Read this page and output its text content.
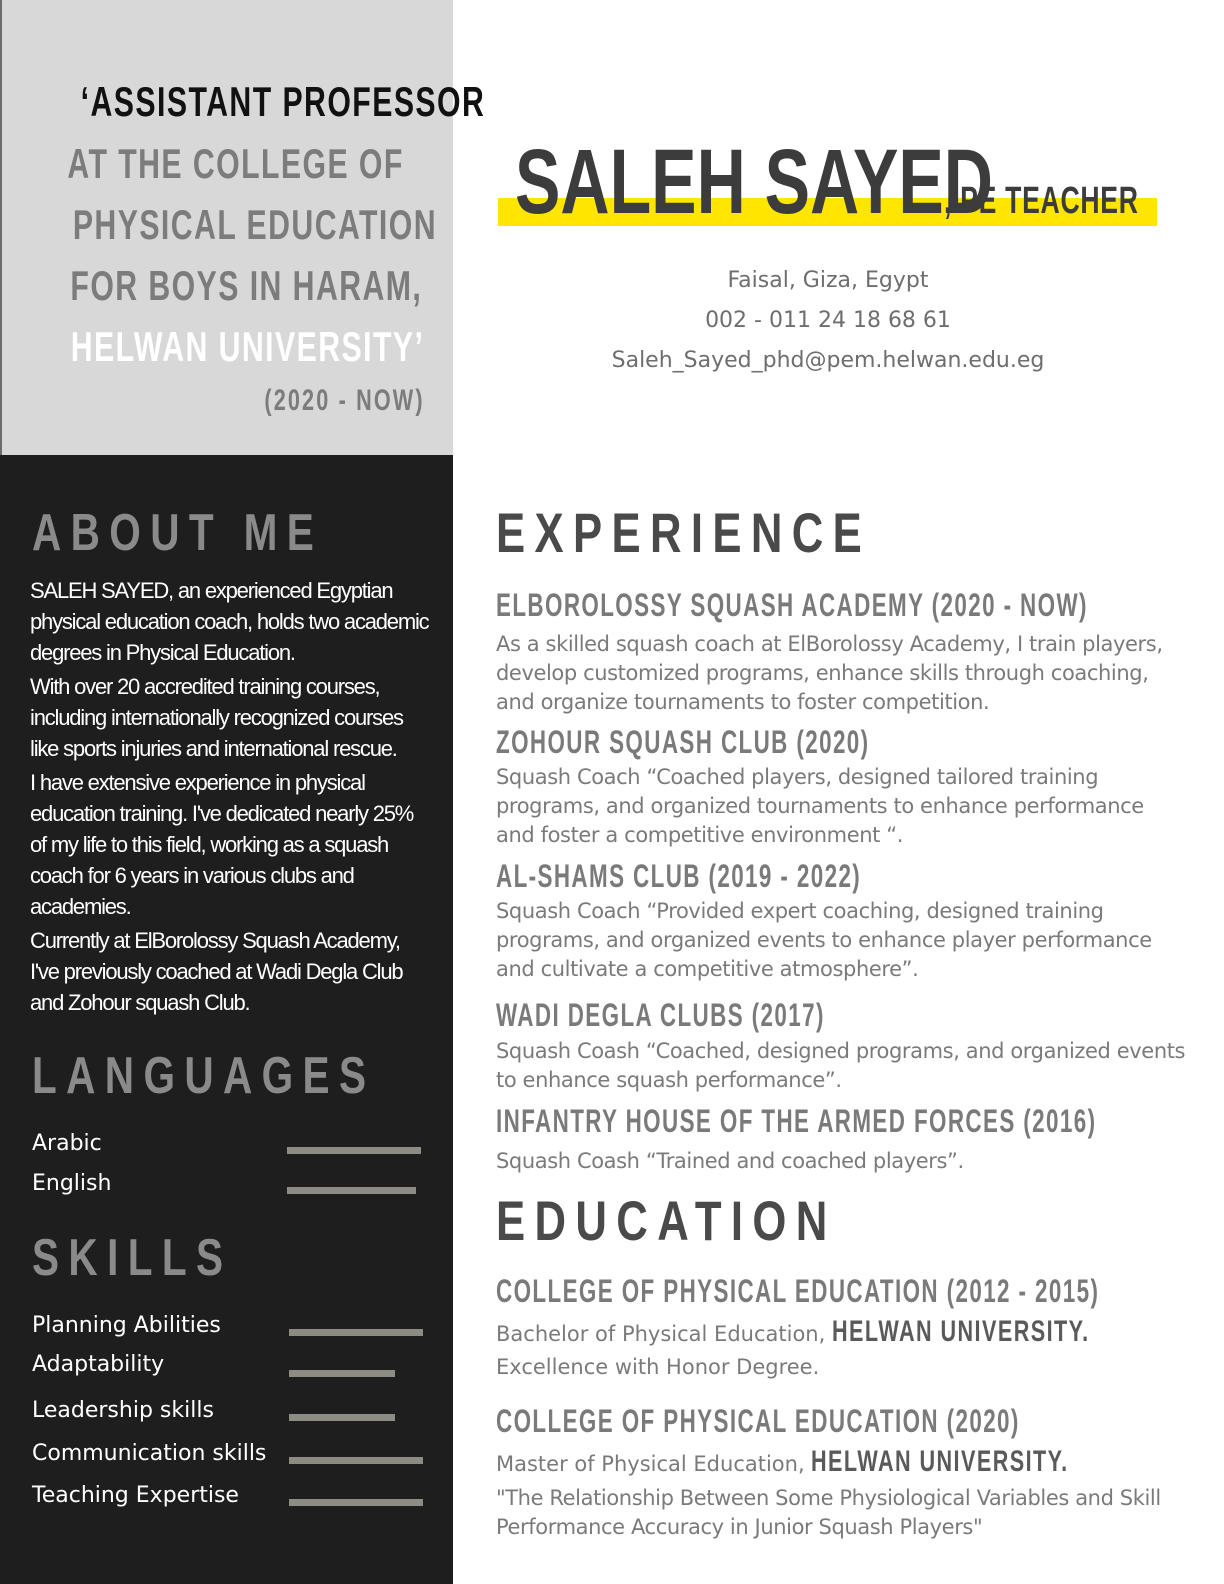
‘ASSISTANT PROFESSOR
AT THE COLLEGE OF
PHYSICAL EDUCATION
FOR BOYS IN HARAM,
HELWAN UNIVERSITY’
(2020 - NOW)
ABOUT ME

SALEH SAYED, an experienced Egyptian physical education coach, holds two academic degrees in Physical Education.

With over 20 accredited training courses, including internationally recognized courses like sports injuries and international rescue.

I have extensive experience in physical education training. I've dedicated nearly 25% of my life to this field, working as a squash coach for 6 years in various clubs and academies.

Currently at ElBorolossy Squash Academy, I've previously coached at Wadi Degla Club and Zohour squash Club.

LANGUAGES
Arabic
English
SKILLS
Planning Abilities
Adaptability
Leadership skills
Communication skills
Teaching Expertise
SALEH SAYED
, PE TEACHER
Faisal, Giza, Egypt
002 - 011 24 18 68 61
Saleh_Sayed_phd@pem.helwan.edu.eg
EXPERIENCE
ELBOROLOSSY SQUASH ACADEMY (2020 - NOW)
As a skilled squash coach at ElBorolossy Academy, I train players, develop customized programs, enhance skills through coaching, and organize tournaments to foster competition.
ZOHOUR SQUASH CLUB (2020)
Squash Coach “Coached players, designed tailored training programs, and organized tournaments to enhance performance and foster a competitive environment “.
AL-SHAMS CLUB (2019 - 2022)
Squash Coach “Provided expert coaching, designed training programs, and organized events to enhance player performance and cultivate a competitive atmosphere”.
WADI DEGLA CLUBS (2017)
Squash Coash “Coached, designed programs, and organized events to enhance squash performance”.
INFANTRY HOUSE OF THE ARMED FORCES (2016)
Squash Coash “Trained and coached players”.
EDUCATION
COLLEGE OF PHYSICAL EDUCATION (2012 - 2015)
Bachelor of Physical Education, HELWAN UNIVERSITY.
Excellence with Honor Degree.
COLLEGE OF PHYSICAL EDUCATION (2020)
Master of Physical Education, HELWAN UNIVERSITY.
"The Relationship Between Some Physiological Variables and Skill Performance Accuracy in Junior Squash Players"
